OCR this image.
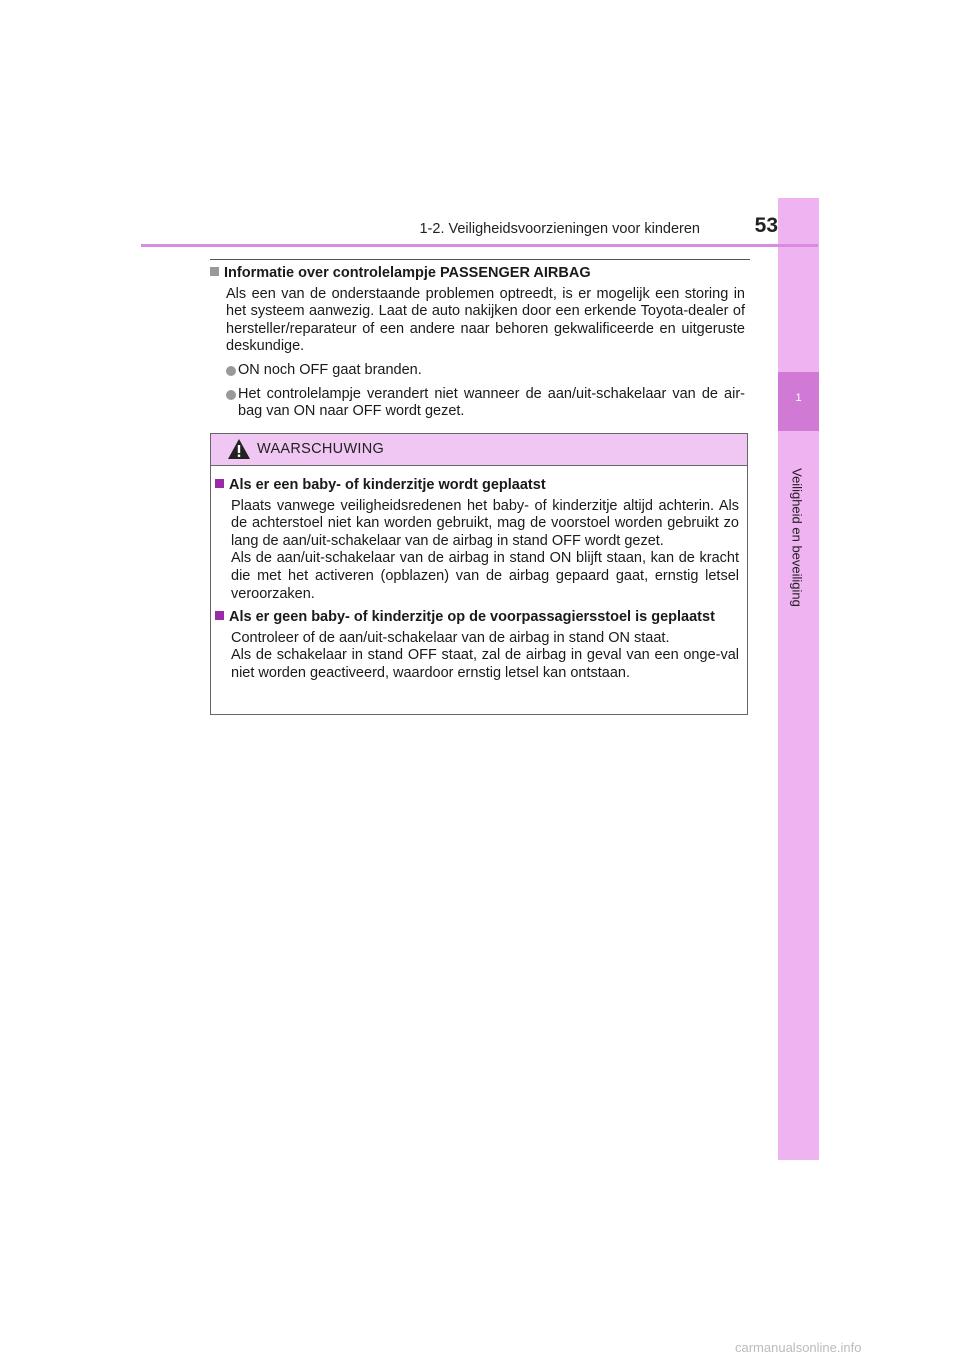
1
Veiligheid en beveiliging
1-2. Veiligheidsvoorzieningen voor kinderen	53

Informatie over controlelampje PASSENGER AIRBAG

Als een van de onderstaande problemen optreedt, is er mogelijk een storing in het systeem aanwezig. Laat de auto nakijken door een erkende Toyota-dealer of hersteller/reparateur of een andere naar behoren gekwalificeerde en uitgeruste deskundige.

ON noch OFF gaat branden.

Het controlelampje verandert niet wanneer de aan/uit-schakelaar van de air-bag van ON naar OFF wordt gezet.

WAARSCHUWING

Als er een baby- of kinderzitje wordt geplaatst

Plaats vanwege veiligheidsredenen het baby- of kinderzitje altijd achterin. Als de achterstoel niet kan worden gebruikt, mag de voorstoel worden gebruikt zo lang de aan/uit-schakelaar van de airbag in stand OFF wordt gezet.

Als de aan/uit-schakelaar van de airbag in stand ON blijft staan, kan de kracht die met het activeren (opblazen) van de airbag gepaard gaat, ernstig letsel veroorzaken.

Als er geen baby- of kinderzitje op de voorpassagiersstoel is geplaatst

Controleer of de aan/uit-schakelaar van de airbag in stand ON staat.

Als de schakelaar in stand OFF staat, zal de airbag in geval van een onge-val niet worden geactiveerd, waardoor ernstig letsel kan ontstaan.

carmanualsonline.info
